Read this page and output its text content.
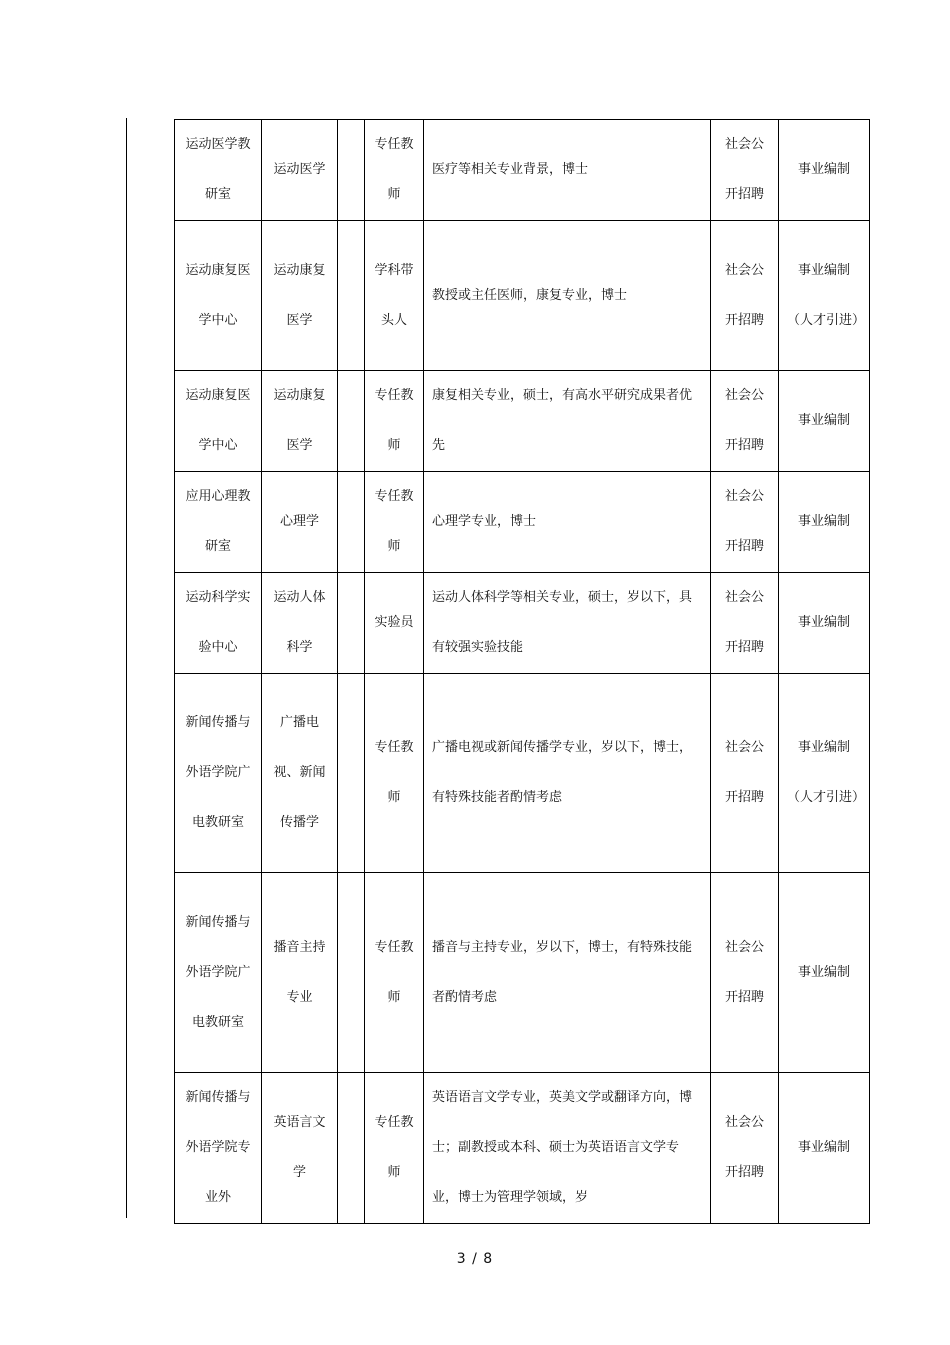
运动医学教研室	运动医学		专任教师	医疗等相关专业背景，博士	社会公开招聘	事业编制
运动康复医学中心	运动康复医学		学科带头人	教授或主任医师，康复专业，博士	社会公开招聘	事业编制（人才引进）
运动康复医学中心	运动康复医学		专任教师	康复相关专业，硕士，有高水平研究成果者优先	社会公开招聘	事业编制
应用心理教研室	心理学		专任教师	心理学专业，博士	社会公开招聘	事业编制
运动科学实验中心	运动人体科学		实验员	运动人体科学等相关专业，硕士，岁以下，具有较强实验技能	社会公开招聘	事业编制
新闻传播与外语学院广电教研室	广播电视、新闻传播学		专任教师	广播电视或新闻传播学专业，岁以下，博士，有特殊技能者酌情考虑	社会公开招聘	事业编制（人才引进）
新闻传播与外语学院广电教研室	播音主持专业		专任教师	播音与主持专业，岁以下，博士，有特殊技能者酌情考虑	社会公开招聘	事业编制
新闻传播与外语学院专业外	英语言文学		专任教师	英语语言文学专业，英美文学或翻译方向，博士；副教授或本科、硕士为英语语言文学专业，博士为管理学领域，岁	社会公开招聘	事业编制
3 / 8
